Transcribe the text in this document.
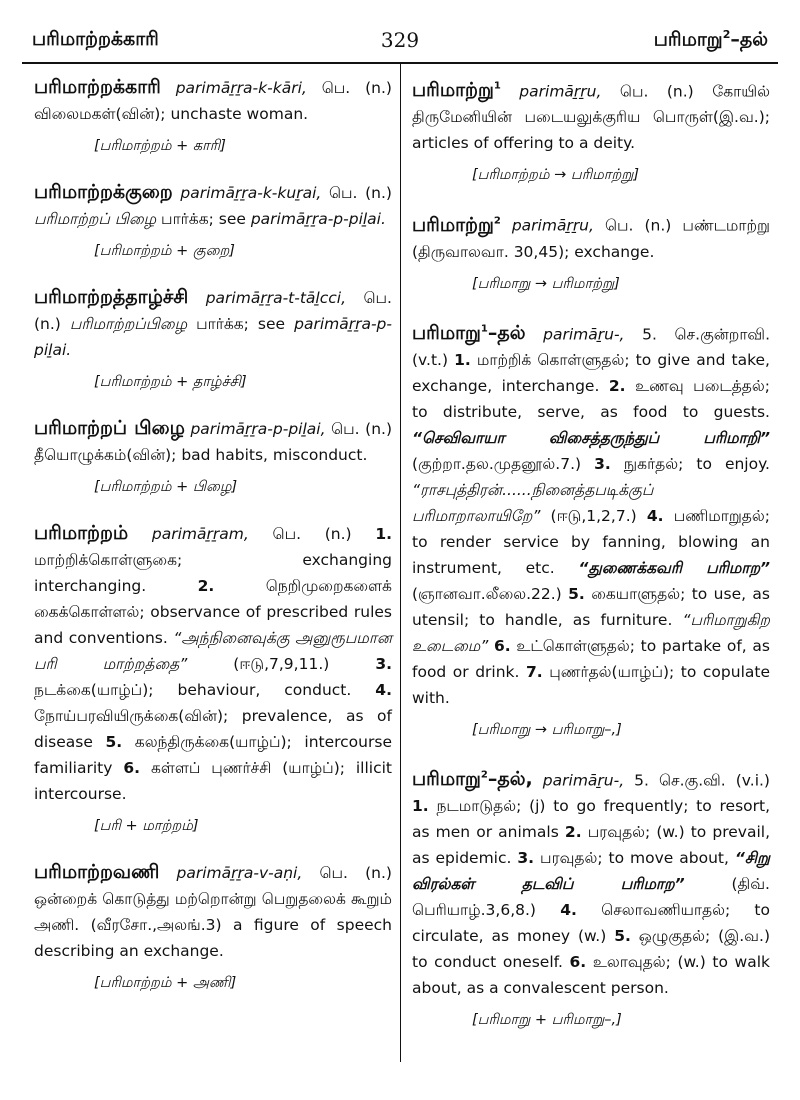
பரிமாற்றக்காரி	329	பரிமாறு$^2$–தல்
பரிமாற்றக்காரி parimāṟṟa-k-kāri, பெ. (n.) விலைமகள்(வின்); unchaste woman.
[பரிமாற்றம் + காரி]
பரிமாற்றக்குறை parimāṟṟa-k-kuṟai, பெ. (n.) பரிமாற்றப் பிழை பார்க்க; see parimāṟṟa-p-piḻai.
[பரிமாற்றம் + குறை]
பரிமாற்றத்தாழ்ச்சி parimāṟṟa-t-tāḻcci, பெ. (n.) பரிமாற்றப்பிழை பார்க்க; see parimāṟṟa-p-piḻai.
[பரிமாற்றம் + தாழ்ச்சி]
பரிமாற்றப் பிழை parimāṟṟa-p-piḻai, பெ. (n.) தீயொழுக்கம்(வின்); bad habits, misconduct.
[பரிமாற்றம் + பிழை]
பரிமாற்றம் parimāṟṟam, பெ. (n.) 1. மாற்றிக்கொள்ளுகை; exchanging interchanging.	2.	நெறிமுறைகளைக் கைக்கொள்ளல்; observance of prescribed rules and conventions. “அந்நினைவுக்கு அனுரூபமான பரி மாற்றத்தை”	(ஈடு,7,9,11.)	3. நடக்கை(யாழ்ப்); behaviour, conduct. 4. நோய்பரவியிருக்கை(வின்); prevalence, as of disease 5. கலந்திருக்கை(யாழ்ப்); intercourse familiarity 6. கள்ளப் புணர்ச்சி (யாழ்ப்); illicit intercourse.
[பரி + மாற்றம்]
பரிமாற்றவணி parimāṟṟa-v-aṇi, பெ. (n.) ஒன்றைக் கொடுத்து மற்றொன்று பெறுதலைக் கூறும் அணி. (வீரசோ.,அலங்.3) a figure of speech describing an exchange.
[பரிமாற்றம் + அணி]
பரிமாற்று$^1$ parimāṟṟu, பெ. (n.) கோயில் திருமேனியின் படையலுக்குரிய பொருள்(இ.வ.); articles of offering to a deity.
[பரிமாற்றம் → பரிமாற்று]
பரிமாற்று$^2$ parimāṟṟu, பெ. (n.) பண்டமாற்று (திருவாலவா. 30,45); exchange.
[பரிமாறு → பரிமாற்று]
பரிமாறு$^1$–தல் parimāṟu-, 5. செ.குன்றாவி. (v.t.) 1. மாற்றிக் கொள்ளுதல்; to give and take, exchange, interchange. 2. உணவு படைத்தல்; to distribute, serve, as food to guests. “செவிவாயா விசைத்தருந்துப் பரிமாறி” (குற்றா.தல.முதனூல்.7.) 3. நுகர்தல்; to enjoy. “ராசபுத்திரன்......நினைத்தபடிக்குப் பரிமாறாலாயிறே” (ஈடு,1,2,7.) 4. பணிமாறுதல்; to render service by fanning, blowing an instrument, etc. “துணைக்கவரி பரிமாற” (ஞானவா.லீலை.22.) 5. கையாளுதல்; to use, as utensil; to handle, as furniture. “பரிமாறுகிற உடைமை” 6. உட்கொள்ளுதல்; to partake of, as food or drink. 7. புணர்தல்(யாழ்ப்); to copulate with.
[பரிமாறு → பரிமாறு–,]
பரிமாறு$^2$–தல், parimāṟu-, 5. செ.கு.வி. (v.i.) 1. நடமாடுதல்; (j) to go frequently; to resort, as men or animals 2. பரவுதல்; (w.) to prevail, as epidemic. 3. பரவுதல்; to move about, “சிறு விரல்கள் தடவிப் பரிமாற”	(திவ். பெரியாழ்.3,6,8.) 4. செலாவணியாதல்; to circulate, as money (w.) 5. ஒழுகுதல்; (இ.வ.) to conduct oneself. 6. உலாவுதல்; (w.) to walk about, as a convalescent person.
[பரிமாறு + பரிமாறு–,]
